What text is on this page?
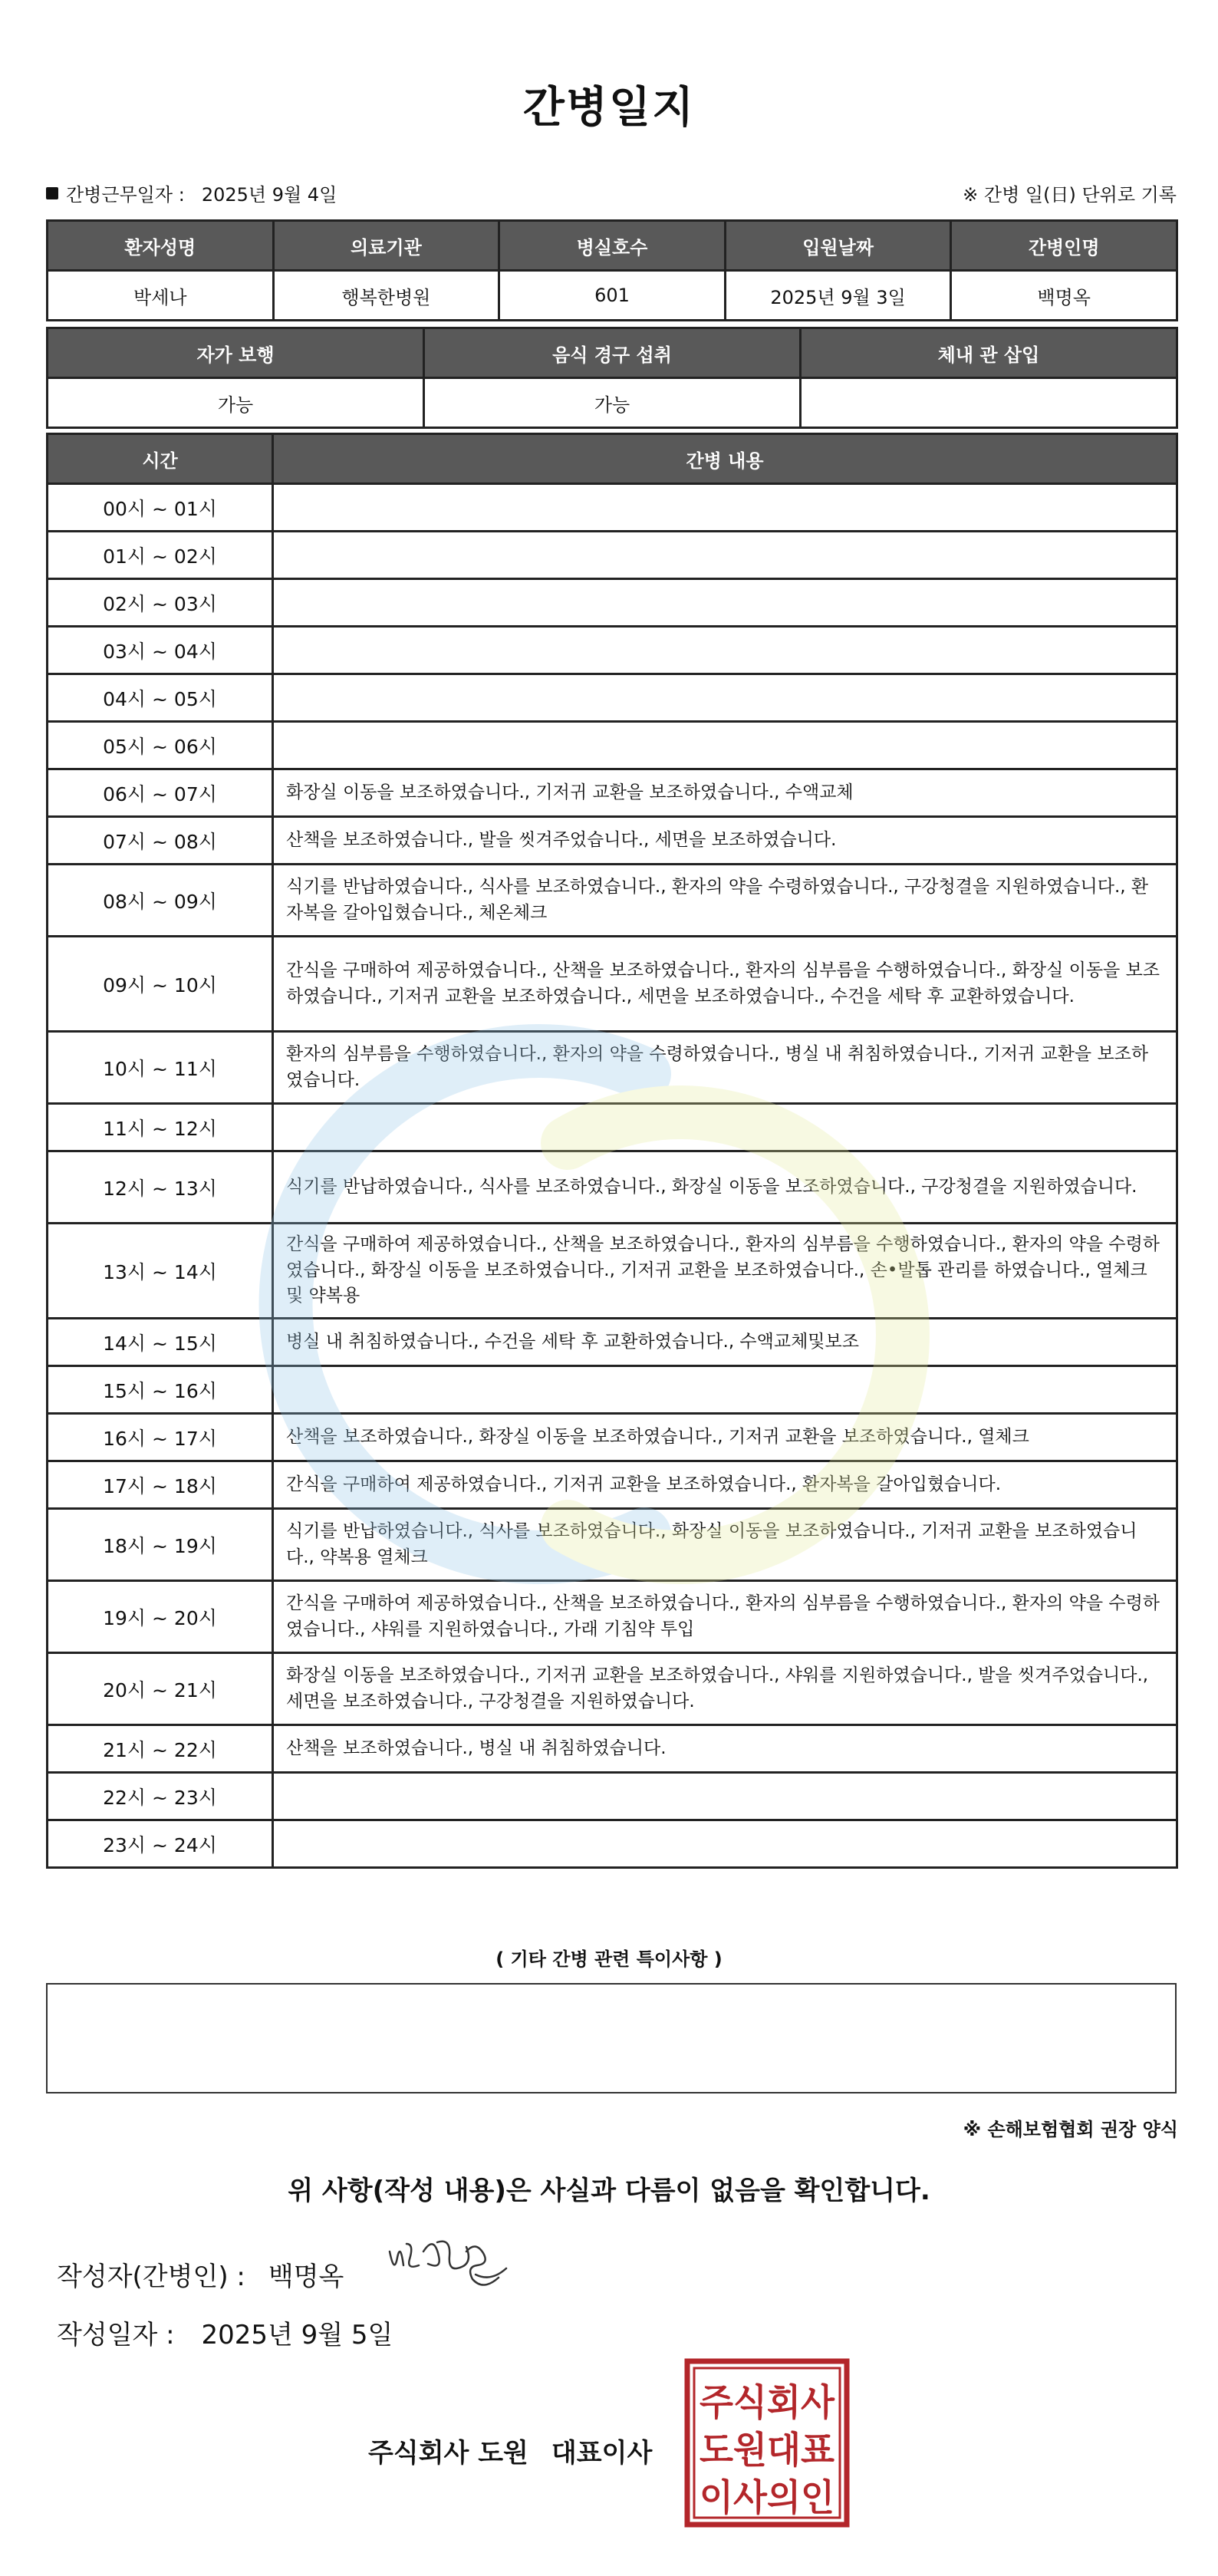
간병일지
간병근무일자 : 2025년 9월 4일	※ 간병 일(日) 단위로 기록
환자성명	의료기관	병실호수	입원날짜	간병인명
박세나	행복한병원	601	2025년 9월 3일	백명옥
자가 보행	음식 경구 섭취	체내 관 삽입
가능	가능	
시간	간병 내용
00시 ~ 01시	

01시 ~ 02시	

02시 ~ 03시	

03시 ~ 04시	

04시 ~ 05시	

05시 ~ 06시	

06시 ~ 07시	화장실 이동을 보조하였습니다., 기저귀 교환을 보조하였습니다., 수액교체

07시 ~ 08시	산책을 보조하였습니다., 발을 씻겨주었습니다., 세면을 보조하였습니다.

08시 ~ 09시	식기를 반납하였습니다., 식사를 보조하였습니다., 환자의 약을 수령하였습니다., 구강청결을 지원하였습니다., 환자복을 갈아입혔습니다., 체온체크

09시 ~ 10시	간식을 구매하여 제공하였습니다., 산책을 보조하였습니다., 환자의 심부름을 수행하였습니다., 화장실 이동을 보조하였습니다., 기저귀 교환을 보조하였습니다., 세면을 보조하였습니다., 수건을 세탁 후 교환하였습니다.

10시 ~ 11시	환자의 심부름을 수행하였습니다., 환자의 약을 수령하였습니다., 병실 내 취침하였습니다., 기저귀 교환을 보조하였습니다.

11시 ~ 12시	

12시 ~ 13시	식기를 반납하였습니다., 식사를 보조하였습니다., 화장실 이동을 보조하였습니다., 구강청결을 지원하였습니다.

13시 ~ 14시	간식을 구매하여 제공하였습니다., 산책을 보조하였습니다., 환자의 심부름을 수행하였습니다., 환자의 약을 수령하였습니다., 화장실 이동을 보조하였습니다., 기저귀 교환을 보조하였습니다., 손•발톱 관리를 하였습니다., 열체크 및 약복용

14시 ~ 15시	병실 내 취침하였습니다., 수건을 세탁 후 교환하였습니다., 수액교체및보조

15시 ~ 16시	

16시 ~ 17시	산책을 보조하였습니다., 화장실 이동을 보조하였습니다., 기저귀 교환을 보조하였습니다., 열체크

17시 ~ 18시	간식을 구매하여 제공하였습니다., 기저귀 교환을 보조하였습니다., 환자복을 갈아입혔습니다.

18시 ~ 19시	식기를 반납하였습니다., 식사를 보조하였습니다., 화장실 이동을 보조하였습니다., 기저귀 교환을 보조하였습니다., 약복용 열체크

19시 ~ 20시	간식을 구매하여 제공하였습니다., 산책을 보조하였습니다., 환자의 심부름을 수행하였습니다., 환자의 약을 수령하였습니다., 샤워를 지원하였습니다., 가래 기침약 투입

20시 ~ 21시	화장실 이동을 보조하였습니다., 기저귀 교환을 보조하였습니다., 샤워를 지원하였습니다., 발을 씻겨주었습니다., 세면을 보조하였습니다., 구강청결을 지원하였습니다.

21시 ~ 22시	산책을 보조하였습니다., 병실 내 취침하였습니다.

22시 ~ 23시	

23시 ~ 24시	
( 기타 간병 관련 특이사항 )
※ 손해보험협회 권장 양식
위 사항(작성 내용)은 사실과 다름이 없음을 확인합니다.
작성자(간병인) : 백명옥
작성일자 : 2025년 9월 5일
주식회사 도원 대표이사
주식회사
도원대표
이사의인
